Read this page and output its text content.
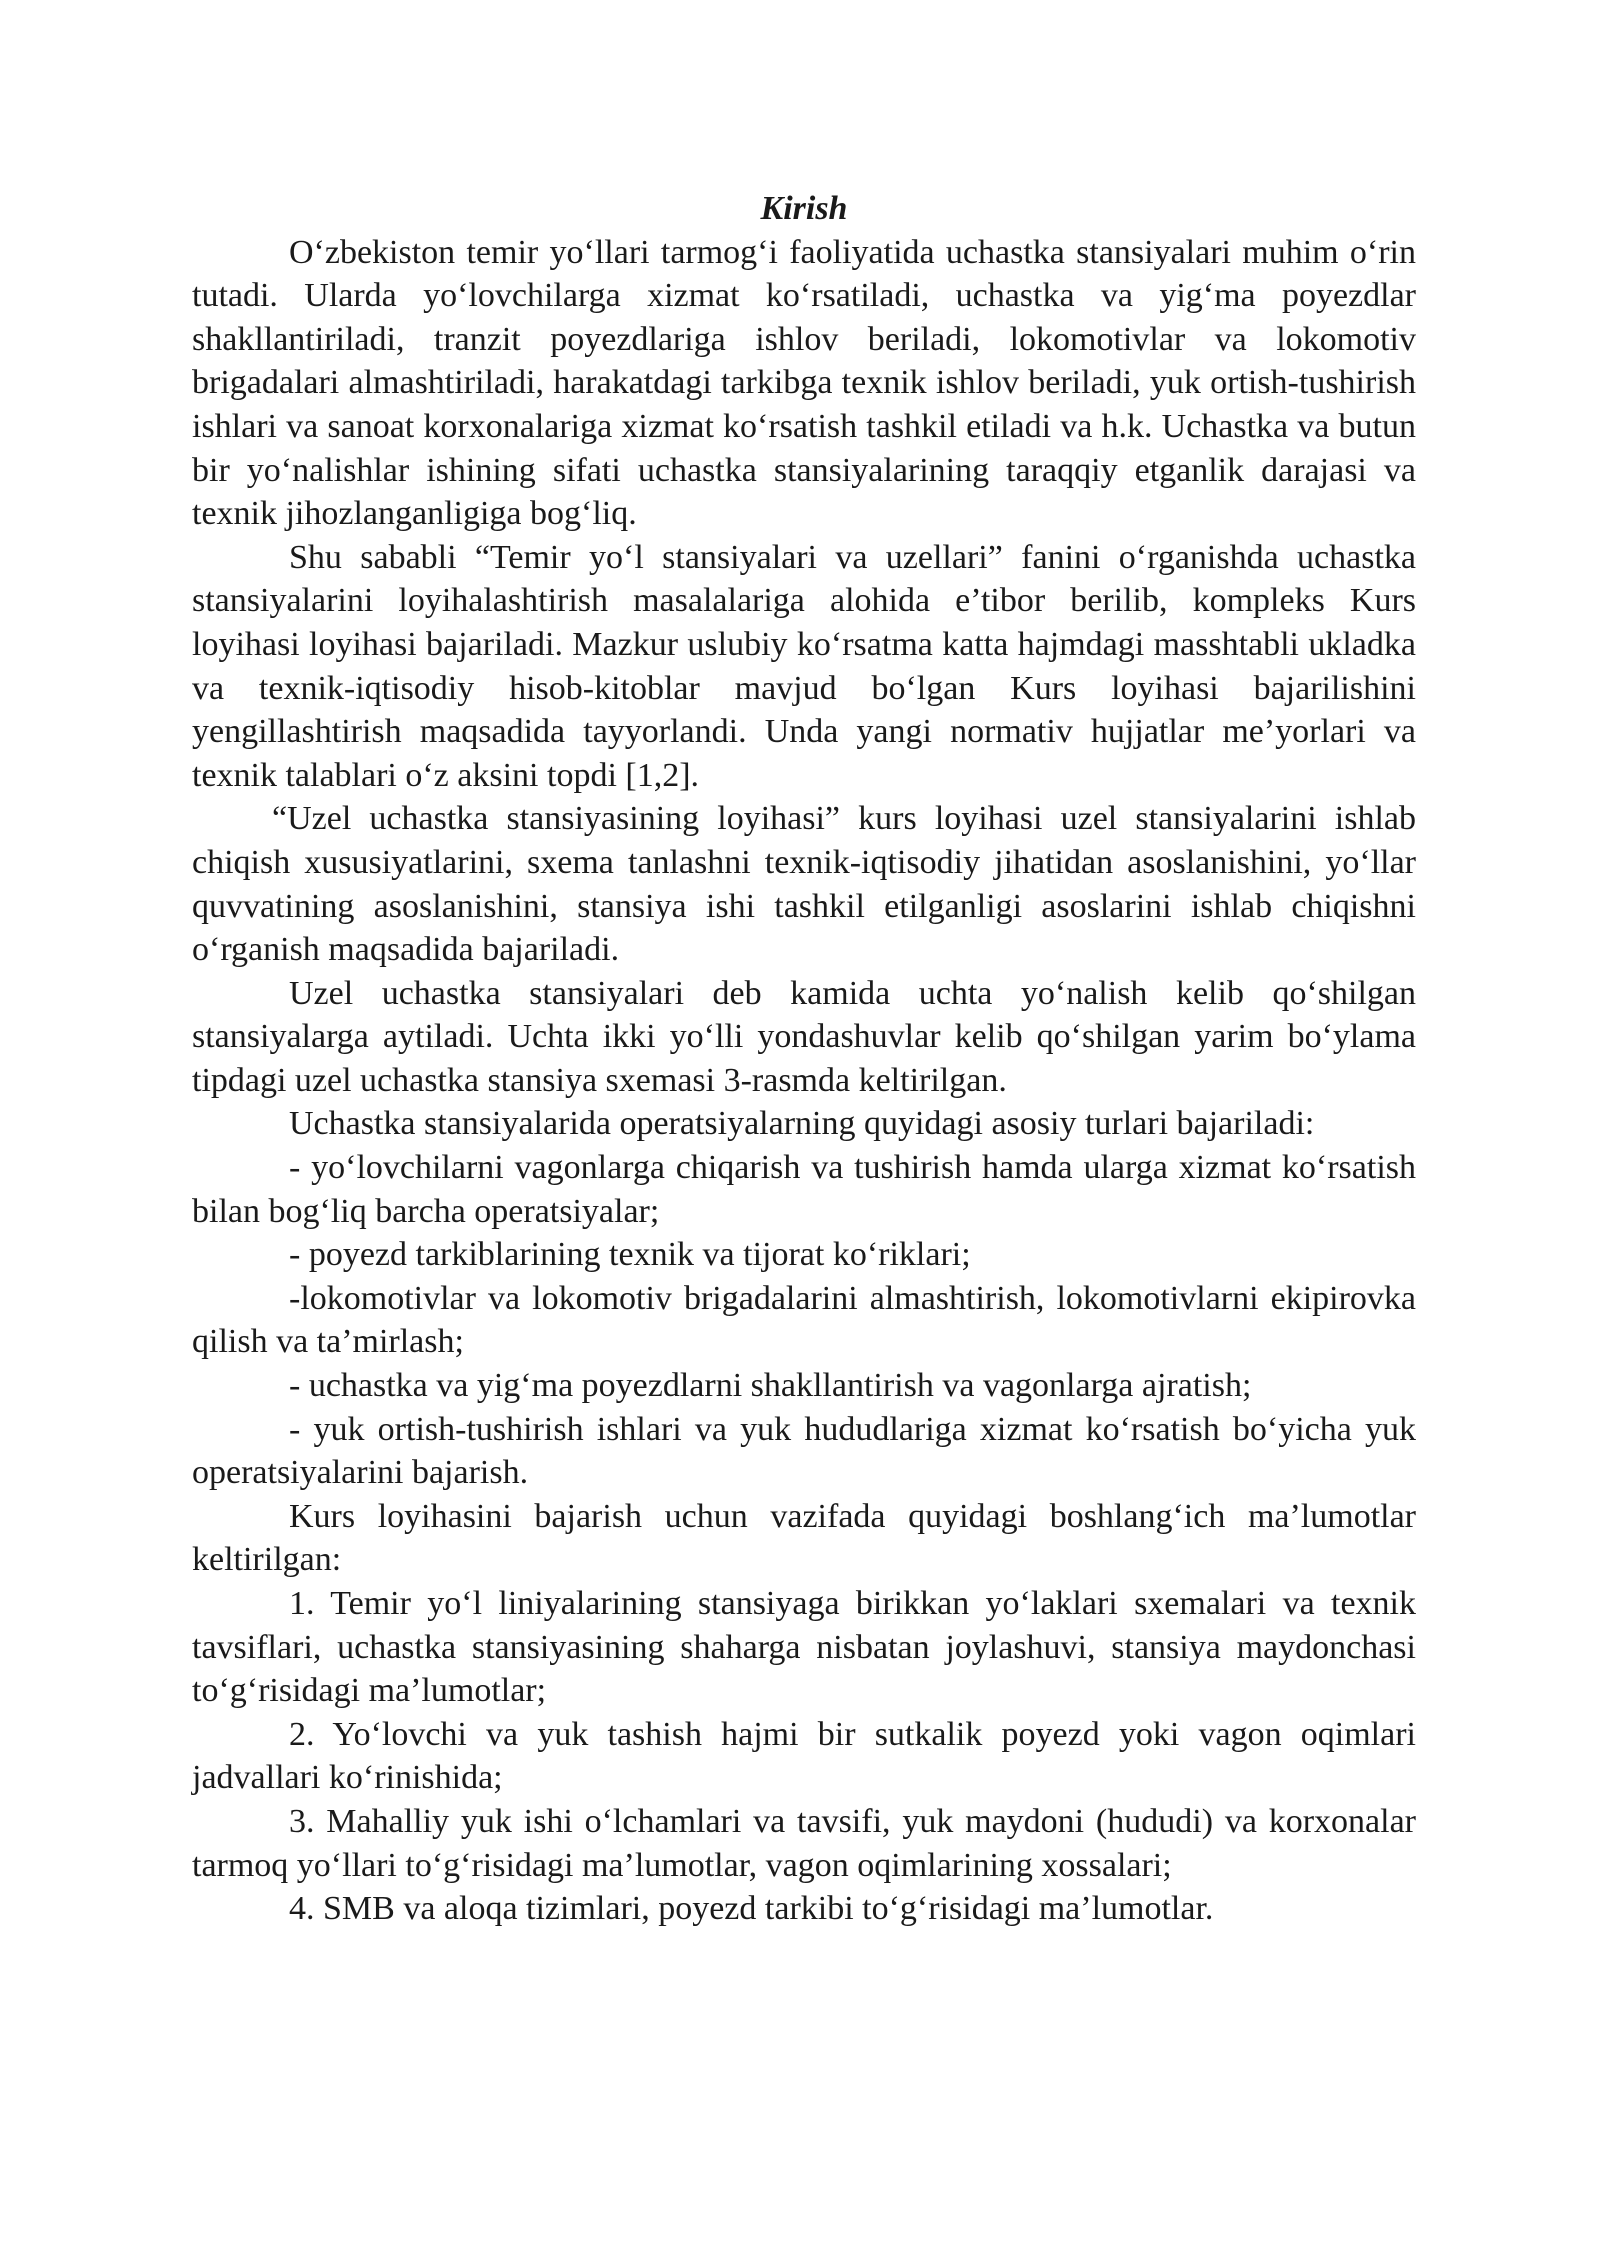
Kirish

O‘zbekiston temir yo‘llari tarmog‘i faoliyatida uchastka stansiyalari muhim o‘rin tutadi. Ularda yo‘lovchilarga xizmat ko‘rsatiladi, uchastka va yig‘ma poyezdlar shakllantiriladi, tranzit poyezdlariga ishlov beriladi, lokomotivlar va lokomotiv brigadalari almashtiriladi, harakatdagi tarkibga texnik ishlov beriladi, yuk ortish-tushirish ishlari va sanoat korxonalariga xizmat ko‘rsatish tashkil etiladi va h.k. Uchastka va butun bir yo‘nalishlar ishining sifati uchastka stansiyalarining taraqqiy etganlik darajasi va texnik jihozlanganligiga bog‘liq.

Shu sababli “Temir yo‘l stansiyalari va uzellari” fanini o‘rganishda uchastka stansiyalarini loyihalashtirish masalalariga alohida e’tibor berilib, kompleks Kurs loyihasi loyihasi bajariladi. Mazkur uslubiy ko‘rsatma katta hajmdagi masshtabli ukladka va texnik-iqtisodiy hisob-kitoblar mavjud bo‘lgan Kurs loyihasi bajarilishini yengillashtirish maqsadida tayyorlandi. Unda yangi normativ hujjatlar me’yorlari va texnik talablari o‘z aksini topdi [1,2].

“Uzel uchastka stansiyasining loyihasi” kurs loyihasi uzel stansiyalarini ishlab chiqish xususiyatlarini, sxema tanlashni texnik-iqtisodiy jihatidan asoslanishini, yo‘llar quvvatining asoslanishini, stansiya ishi tashkil etilganligi asoslarini ishlab chiqishni o‘rganish maqsadida bajariladi.

Uzel uchastka stansiyalari deb kamida uchta yo‘nalish kelib qo‘shilgan stansiyalarga aytiladi. Uchta ikki yo‘lli yondashuvlar kelib qo‘shilgan yarim bo‘ylama tipdagi uzel uchastka stansiya sxemasi 3-rasmda keltirilgan.

Uchastka stansiyalarida operatsiyalarning quyidagi asosiy turlari bajariladi:

- yo‘lovchilarni vagonlarga chiqarish va tushirish hamda ularga xizmat ko‘rsatish bilan bog‘liq barcha operatsiyalar;

- poyezd tarkiblarining texnik va tijorat ko‘riklari;

-lokomotivlar va lokomotiv brigadalarini almashtirish, lokomotivlarni ekipirovka qilish va ta’mirlash;

- uchastka va yig‘ma poyezdlarni shakllantirish va vagonlarga ajratish;

- yuk ortish-tushirish ishlari va yuk hududlariga xizmat ko‘rsatish bo‘yicha yuk operatsiyalarini bajarish.

Kurs loyihasini bajarish uchun vazifada quyidagi boshlang‘ich ma’lumotlar keltirilgan:

1. Temir yo‘l liniyalarining stansiyaga birikkan yo‘laklari sxemalari va texnik tavsiflari, uchastka stansiyasining shaharga nisbatan joylashuvi, stansiya maydonchasi to‘g‘risidagi ma’lumotlar;

2. Yo‘lovchi va yuk tashish hajmi bir sutkalik poyezd yoki vagon oqimlari jadvallari ko‘rinishida;

3. Mahalliy yuk ishi o‘lchamlari va tavsifi, yuk maydoni (hududi) va korxonalar tarmoq yo‘llari to‘g‘risidagi ma’lumotlar, vagon oqimlarining xossalari;

4. SMB va aloqa tizimlari, poyezd tarkibi to‘g‘risidagi ma’lumotlar.
